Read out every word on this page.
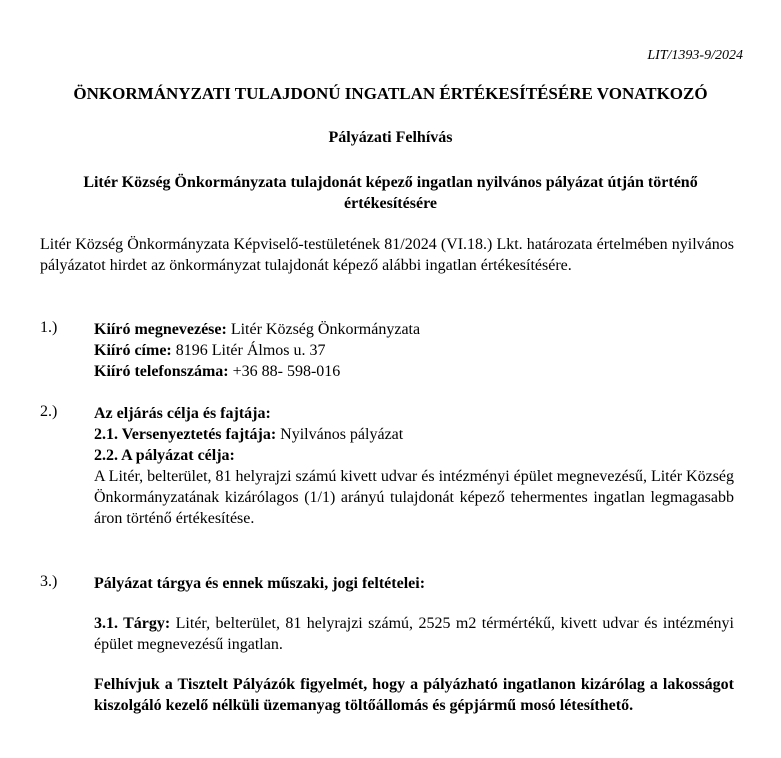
LIT/1393-9/2024
ÖNKORMÁNYZATI TULAJDONÚ INGATLAN ÉRTÉKESÍTÉSÉRE VONATKOZÓ
Pályázati Felhívás
Litér Község Önkormányzata tulajdonát képező ingatlan nyilvános pályázat útján történő értékesítésére
Litér Község Önkormányzata Képviselő-testületének 81/2024 (VI.18.) Lkt. határozata értelmében nyilvános pályázatot hirdet az önkormányzat tulajdonát képező alábbi ingatlan értékesítésére.
1.) Kiíró megnevezése: Litér Község Önkormányzata
Kiíró címe: 8196 Litér Álmos u. 37
Kiíró telefonszáma: +36 88- 598-016
2.) Az eljárás célja és fajtája:
2.1. Versenyeztetés fajtája: Nyilvános pályázat
2.2. A pályázat célja:
A Litér, belterület, 81 helyrajzi számú kivett udvar és intézményi épület megnevezésű, Litér Község Önkormányzatának kizárólagos (1/1) arányú tulajdonát képező tehermentes ingatlan legmagasabb áron történő értékesítése.
3.) Pályázat tárgya és ennek műszaki, jogi feltételei:
3.1. Tárgy: Litér, belterület, 81 helyrajzi számú, 2525 m2 térmértékű, kivett udvar és intézményi épület megnevezésű ingatlan.
Felhívjuk a Tisztelt Pályázók figyelmét, hogy a pályázható ingatlanon kizárólag a lakosságot kiszolgáló kezelő nélküli üzemanyag töltőállomás és gépjármű mosó létesíthető.
